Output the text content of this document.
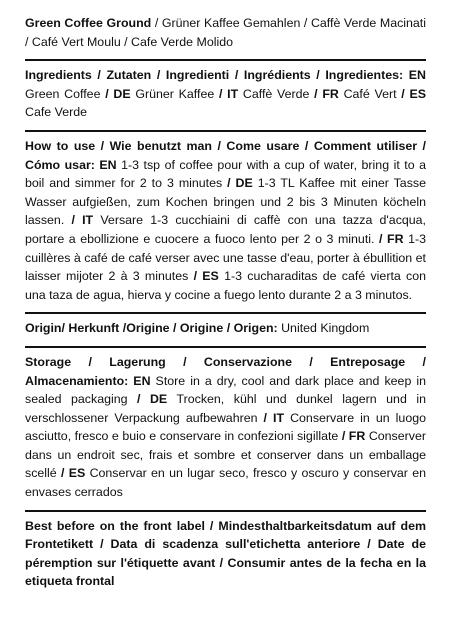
Green Coffee Ground / Grüner Kaffee Gemahlen / Caffè Verde Macinati / Café Vert Moulu / Cafe Verde Molido
Ingredients / Zutaten / Ingredienti / Ingrédients / Ingredientes: EN Green Coffee / DE Grüner Kaffee / IT Caffè Verde / FR Café Vert / ES Cafe Verde
How to use / Wie benutzt man / Come usare / Comment utiliser / Cómo usar: EN 1-3 tsp of coffee pour with a cup of water, bring it to a boil and simmer for 2 to 3 minutes / DE 1-3 TL Kaffee mit einer Tasse Wasser aufgießen, zum Kochen bringen und 2 bis 3 Minuten köcheln lassen. / IT Versare 1-3 cucchiaini di caffè con una tazza d'acqua, portare a ebollizione e cuocere a fuoco lento per 2 o 3 minuti. / FR 1-3 cuillères à café de café verser avec une tasse d'eau, porter à ébullition et laisser mijoter 2 à 3 minutes / ES 1-3 cucharaditas de café vierta con una taza de agua, hierva y cocine a fuego lento durante 2 a 3 minutos.
Origin/ Herkunft /Origine / Origine / Origen: United Kingdom
Storage / Lagerung / Conservazione / Entreposage / Almacenamiento: EN Store in a dry, cool and dark place and keep in sealed packaging / DE Trocken, kühl und dunkel lagern und in verschlossener Verpackung aufbewahren / IT Conservare in un luogo asciutto, fresco e buio e conservare in confezioni sigillate / FR Conserver dans un endroit sec, frais et sombre et conserver dans un emballage scellé / ES Conservar en un lugar seco, fresco y oscuro y conservar en envases cerrados
Best before on the front label / Mindesthaltbarkeitsdatum auf dem Frontetikett / Data di scadenza sull'etichetta anteriore / Date de péremption sur l'étiquette avant / Consumir antes de la fecha en la etiqueta frontal
